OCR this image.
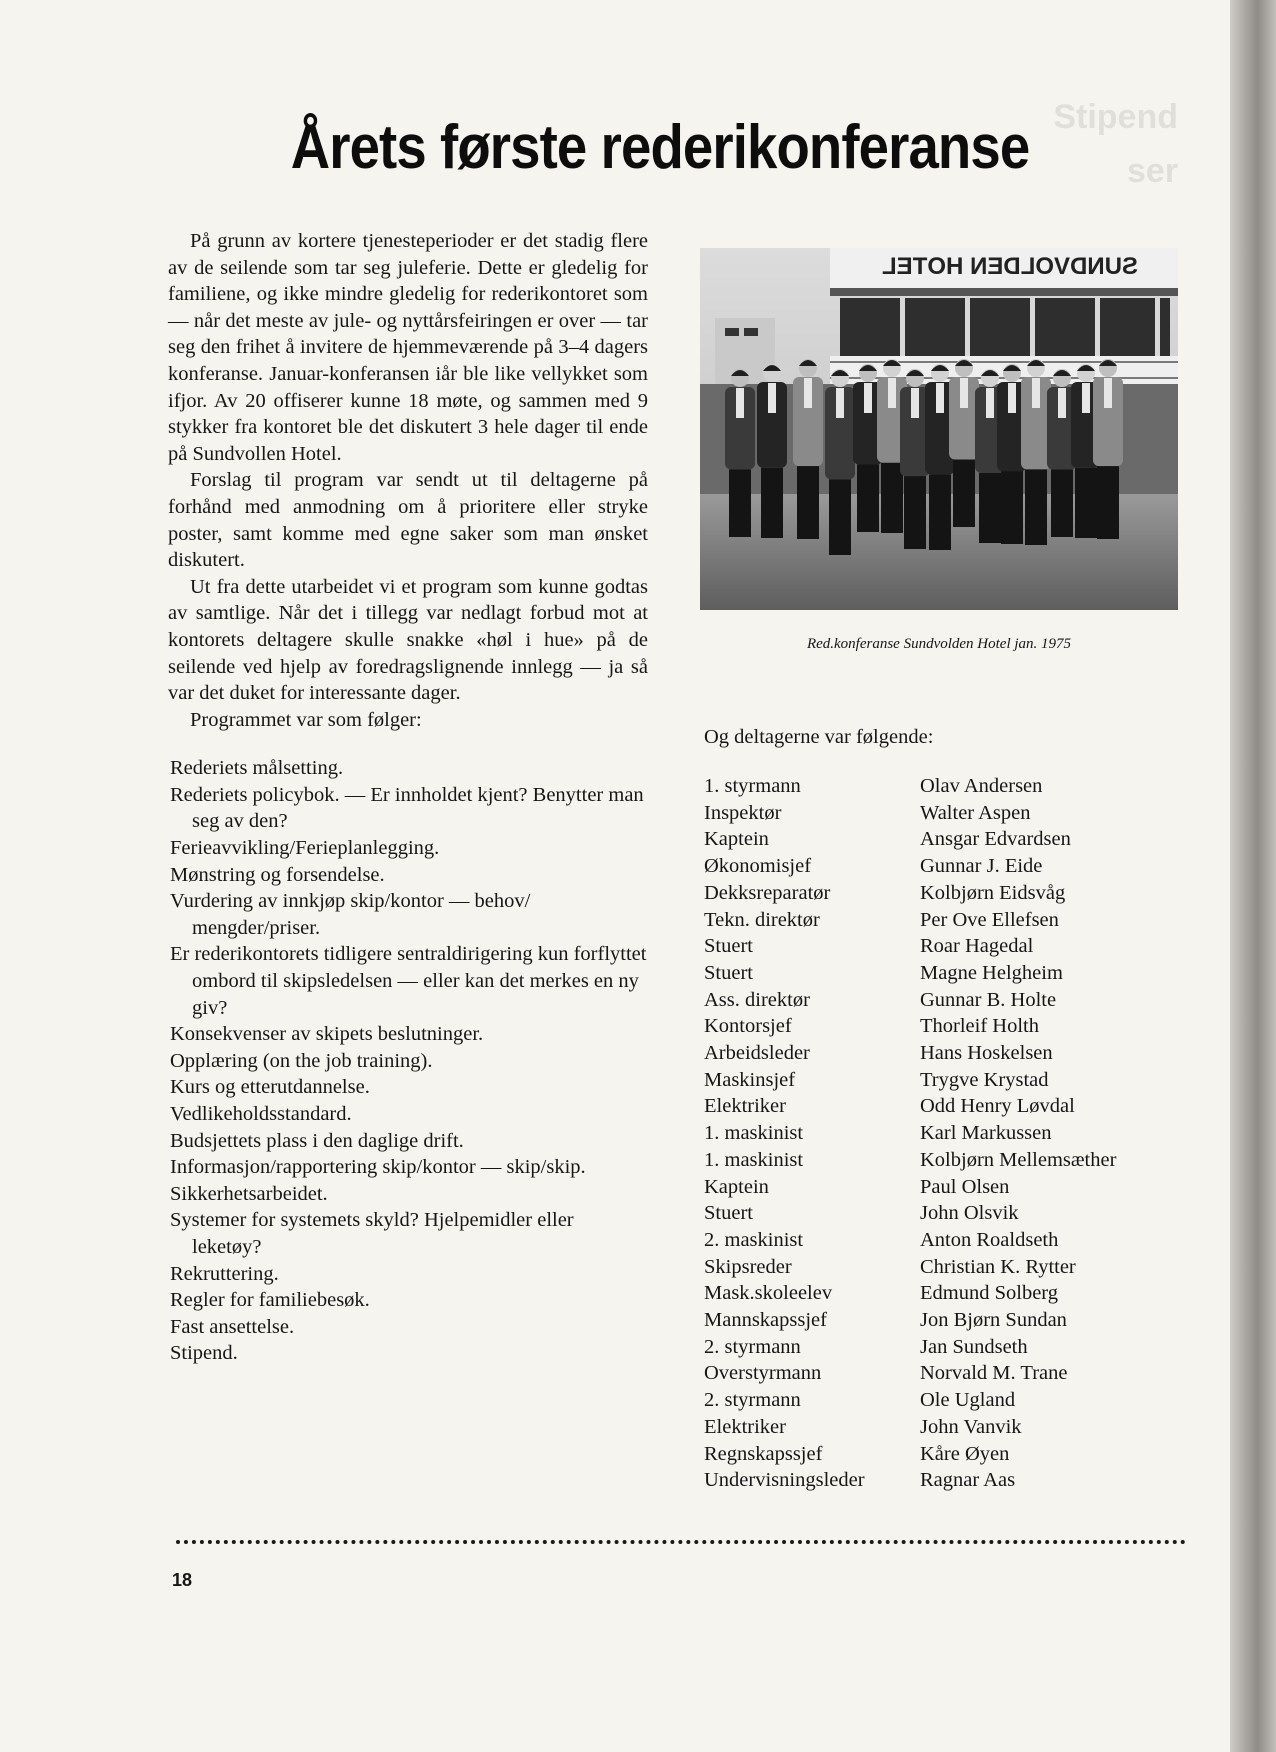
Stipend
ser
Årets første rederikonferanse

På grunn av kortere tjenesteperioder er det stadig flere av de seilende som tar seg juleferie. Dette er gledelig for familiene, og ikke mindre gledelig for rederikontoret som — når det meste av jule- og nyttårsfeiringen er over — tar seg den frihet å invitere de hjemmeværende på 3–4 dagers konferanse. Januar-konferansen iår ble like vellykket som ifjor. Av 20 offiserer kunne 18 møte, og sammen med 9 stykker fra kontoret ble det diskutert 3 hele dager til ende på Sundvollen Hotel.

Forslag til program var sendt ut til deltagerne på forhånd med anmodning om å prioritere eller stryke poster, samt komme med egne saker som man ønsket diskutert.

Ut fra dette utarbeidet vi et program som kunne godtas av samtlige. Når det i tillegg var nedlagt forbud mot at kontorets deltagere skulle snakke «høl i hue» på de seilende ved hjelp av foredragslignende innlegg — ja så var det duket for interessante dager.

Programmet var som følger:

Rederiets målsetting.
Rederiets policybok. — Er innholdet kjent? Benytter man seg av den?
Ferieavvikling/Ferieplanlegging.
Mønstring og forsendelse.
Vurdering av innkjøp skip/kontor — behov/ mengder/priser.
Er rederikontorets tidligere sentraldirigering kun forflyttet ombord til skipsledelsen — eller kan det merkes en ny giv?
Konsekvenser av skipets beslutninger.
Opplæring (on the job training).
Kurs og etterutdannelse.
Vedlikeholdsstandard.
Budsjettets plass i den daglige drift.
Informasjon/rapportering skip/kontor — skip/skip.
Sikkerhetsarbeidet.
Systemer for systemets skyld? Hjelpemidler eller leketøy?
Rekruttering.
Regler for familiebesøk.
Fast ansettelse.
Stipend.
SUNDVOLDEN HOTEL
Red.konferanse Sundvolden Hotel jan. 1975
Og deltagerne var følgende:
1. styrmann	Olav Andersen
Inspektør	Walter Aspen
Kaptein	Ansgar Edvardsen
Økonomisjef	Gunnar J. Eide
Dekksreparatør	Kolbjørn Eidsvåg
Tekn. direktør	Per Ove Ellefsen
Stuert	Roar Hagedal
Stuert	Magne Helgheim
Ass. direktør	Gunnar B. Holte
Kontorsjef	Thorleif Holth
Arbeidsleder	Hans Hoskelsen
Maskinsjef	Trygve Krystad
Elektriker	Odd Henry Løvdal
1. maskinist	Karl Markussen
1. maskinist	Kolbjørn Mellemsæther
Kaptein	Paul Olsen
Stuert	John Olsvik
2. maskinist	Anton Roaldseth
Skipsreder	Christian K. Rytter
Mask.skoleelev	Edmund Solberg
Mannskapssjef	Jon Bjørn Sundan
2. styrmann	Jan Sundseth
Overstyrmann	Norvald M. Trane
2. styrmann	Ole Ugland
Elektriker	John Vanvik
Regnskapssjef	Kåre Øyen
Undervisningsleder	Ragnar Aas
18
